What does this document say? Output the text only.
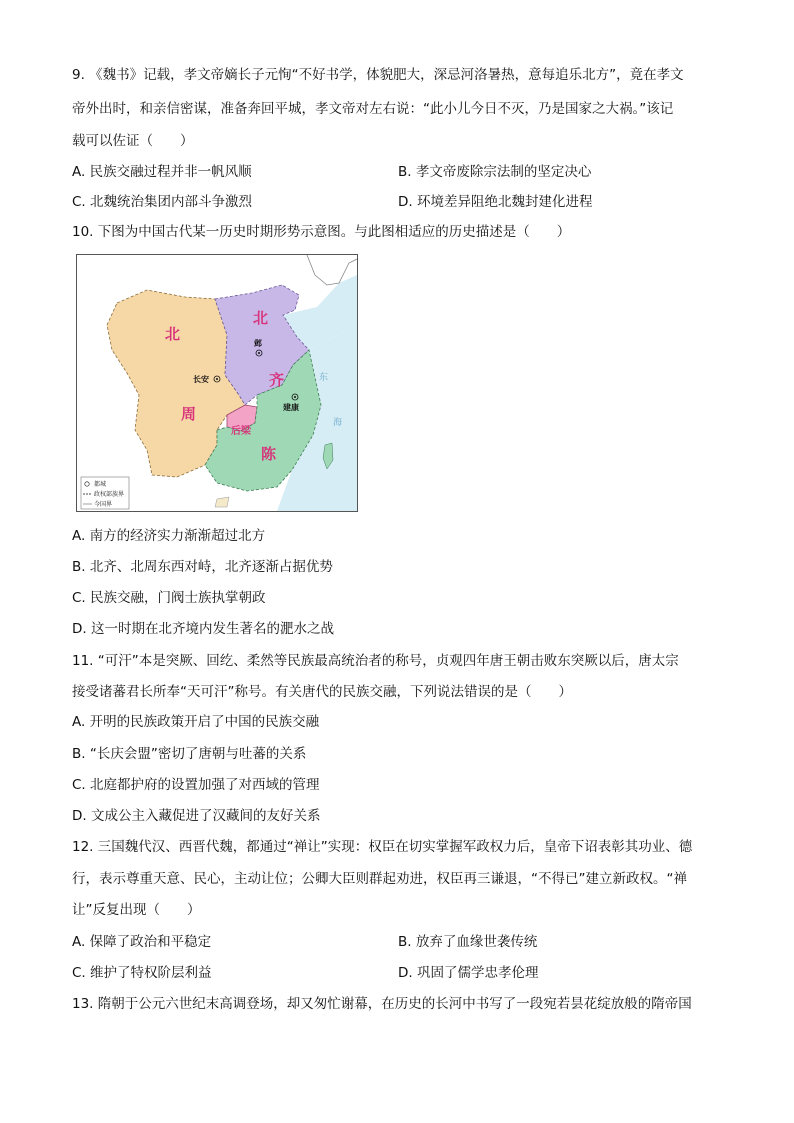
9. 《魏书》记载，孝文帝嫡长子元恂“不好书学，体貌肥大，深忌河洛暑热，意每追乐北方”，竟在孝文
帝外出时，和亲信密谋，准备奔回平城，孝文帝对左右说：“此小儿今日不灭，乃是国家之大祸。”该记
载可以佐证（　　）
A. 民族交融过程并非一帆风顺	B. 孝文帝废除宗法制的坚定决心
C. 北魏统治集团内部斗争激烈	D. 环境差异阻绝北魏封建化进程
10. 下图为中国古代某一历史时期形势示意图。与此图相适应的历史描述是（　　）
北
周
北
齐
后梁
陈
邺
长安
建康
东
海
都城
政权部族界
今国界
A. 南方的经济实力渐渐超过北方
B. 北齐、北周东西对峙，北齐逐渐占据优势
C. 民族交融，门阀士族执掌朝政
D. 这一时期在北齐境内发生著名的淝水之战
11. “可汗”本是突厥、回纥、柔然等民族最高统治者的称号，贞观四年唐王朝击败东突厥以后，唐太宗
接受诸蕃君长所奉“天可汗”称号。有关唐代的民族交融，下列说法错误的是（　　）
A. 开明的民族政策开启了中国的民族交融
B. “长庆会盟”密切了唐朝与吐蕃的关系
C. 北庭都护府的设置加强了对西域的管理
D. 文成公主入藏促进了汉藏间的友好关系
12. 三国魏代汉、西晋代魏，都通过“禅让”实现：权臣在切实掌握军政权力后，皇帝下诏表彰其功业、德
行，表示尊重天意、民心，主动让位；公卿大臣则群起劝进，权臣再三谦退，“不得已”建立新政权。“禅
让”反复出现（　　）
A. 保障了政治和平稳定	B. 放弃了血缘世袭传统
C. 维护了特权阶层利益	D. 巩固了儒学忠孝伦理
13. 隋朝于公元六世纪末高调登场，却又匆忙谢幕，在历史的长河中书写了一段宛若昙花绽放般的隋帝国
